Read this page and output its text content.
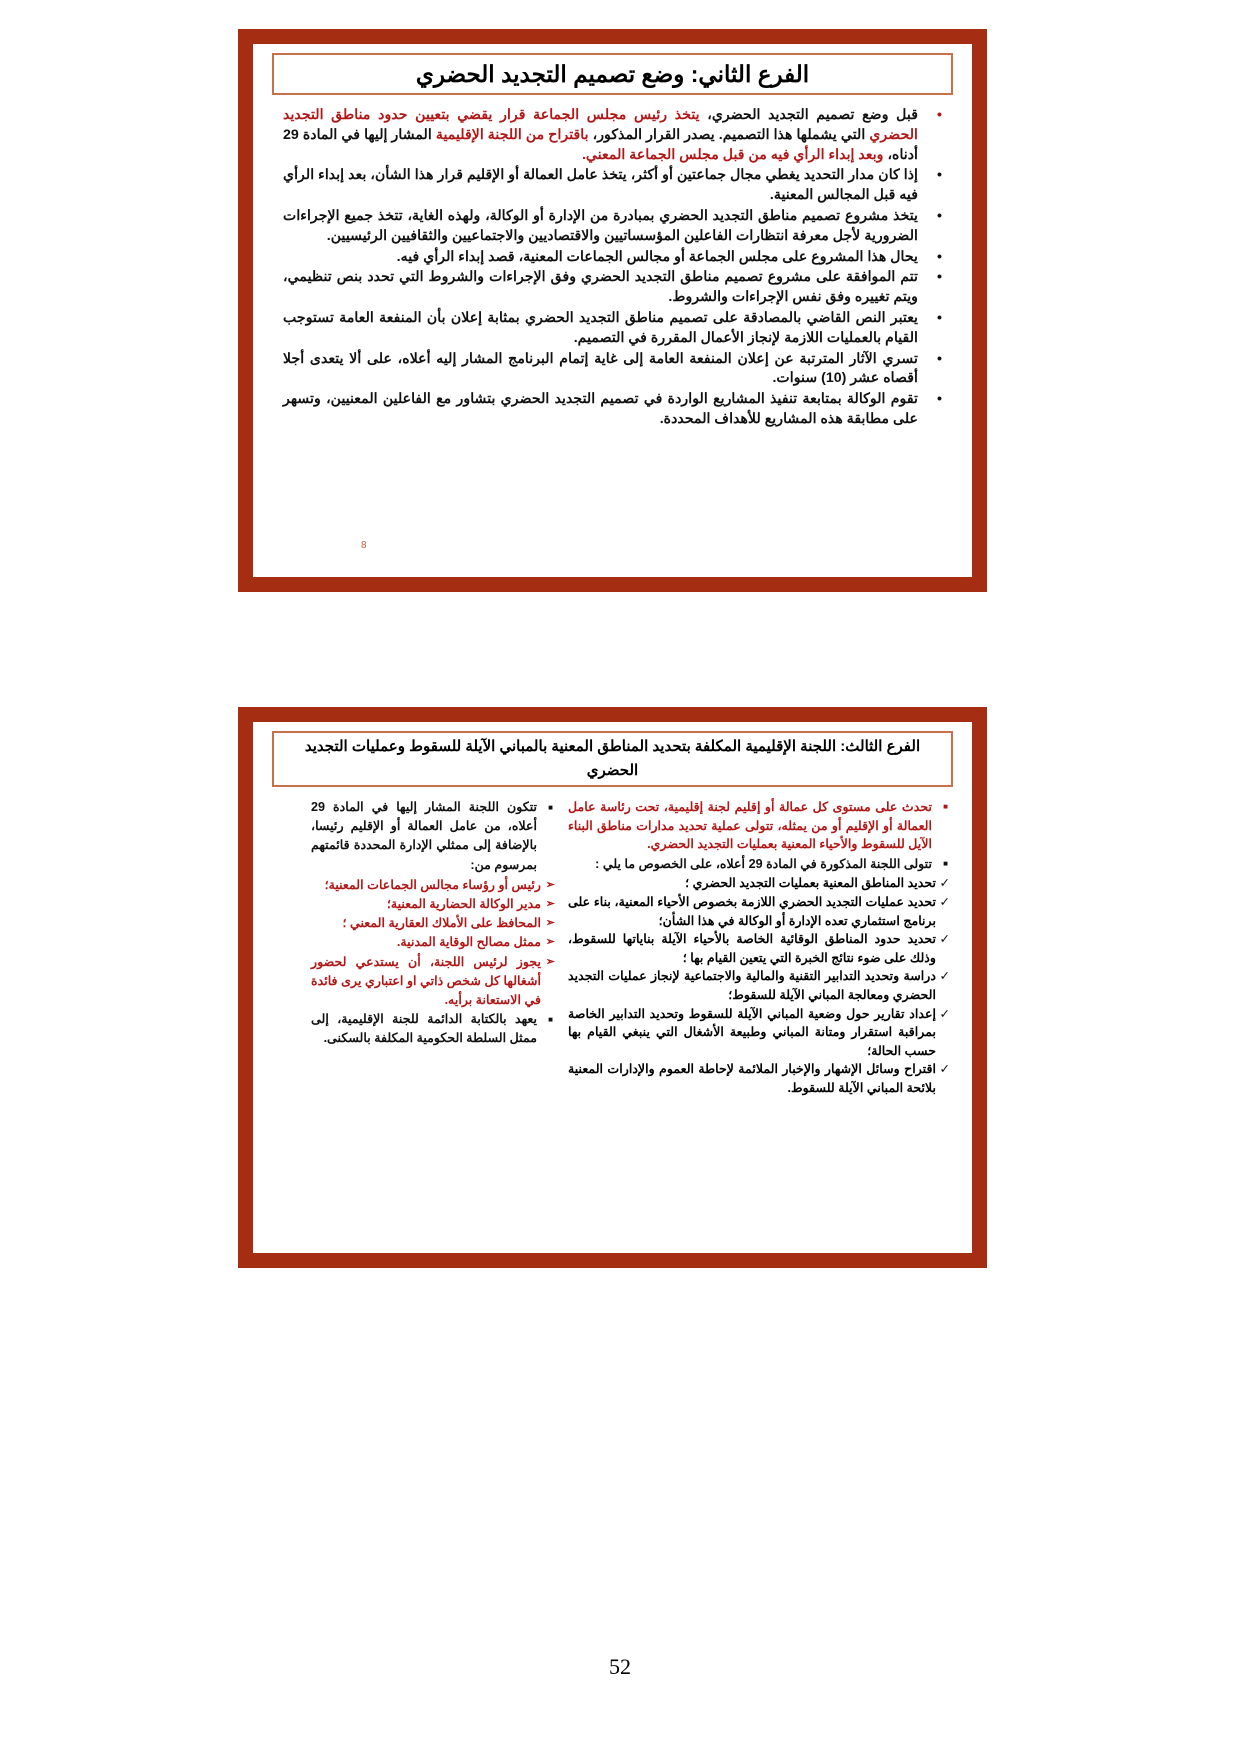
الفرع الثاني: وضع تصميم التجديد الحضري
• قبل وضع تصميم التجديد الحضري، يتخذ رئيس مجلس الجماعة قرار يقضي بتعيين حدود مناطق التجديد الحضري التي يشملها هذا التصميم. يصدر القرار المذكور، باقتراح من اللجنة الإقليمية المشار إليها في المادة 29 أدناه، وبعد إبداء الرأي فيه من قبل مجلس الجماعة المعني.
• إذا كان مدار التحديد يغطي مجال جماعتين أو أكثر، يتخذ عامل العمالة أو الإقليم قرار هذا الشأن، بعد إبداء الرأي فيه قبل المجالس المعنية.
• يتخذ مشروع تصميم مناطق التجديد الحضري بمبادرة من الإدارة أو الوكالة، ولهذه الغاية، تتخذ جميع الإجراءات الضرورية لأجل معرفة انتظارات الفاعلين المؤسساتيين والاقتصاديين والاجتماعيين والثقافيين الرئيسيين.
• يحال هذا المشروع على مجلس الجماعة أو مجالس الجماعات المعنية، قصد إبداء الرأي فيه.
• تتم الموافقة على مشروع تصميم مناطق التجديد الحضري وفق الإجراءات والشروط التي تحدد بنص تنظيمي، ويتم تغييره وفق نفس الإجراءات والشروط.
• يعتبر النص القاضي بالمصادقة على تصميم مناطق التجديد الحضري بمثابة إعلان بأن المنفعة العامة تستوجب القيام بالعمليات اللازمة لإنجاز الأعمال المقررة في التصميم.
• تسري الآثار المترتبة عن إعلان المنفعة العامة إلى غاية إتمام البرنامج المشار إليه أعلاه، على ألا يتعدى أجلا أقصاه عشر (10) سنوات.
• تقوم الوكالة بمتابعة تنفيذ المشاريع الواردة في تصميم التجديد الحضري بتشاور مع الفاعلين المعنيين، وتسهر على مطابقة هذه المشاريع للأهداف المحددة.
8
الفرع الثالث: اللجنة الإقليمية المكلفة بتحديد المناطق المعنية بالمباني الآيلة للسقوط وعمليات التجديد الحضري
■ تحدث على مستوى كل عمالة أو إقليم لجنة إقليمية، تحت رئاسة عامل العمالة أو الإقليم أو من يمثله، تتولى عملية تحديد مدارات مناطق البناء الآيل للسقوط والأحياء المعنية بعمليات التجديد الحضري.
■ تتولى اللجنة المذكورة في المادة 29 أعلاه، على الخصوص ما يلي :
✓ تحديد المناطق المعنية بعمليات التجديد الحضري ؛
✓ تحديد عمليات التجديد الحضري اللازمة بخصوص الأحياء المعنية، بناء على برنامج استثماري تعده الإدارة أو الوكالة في هذا الشأن؛
✓ تحديد حدود المناطق الوقائية الخاصة بالأحياء الآيلة بناياتها للسقوط، وذلك على ضوء نتائج الخبرة التي يتعين القيام بها ؛
✓ دراسة وتحديد التدابير التقنية والمالية والاجتماعية لإنجاز عمليات التجديد الحضري ومعالجة المباني الآيلة للسقوط؛
✓ إعداد تقارير حول وضعية المباني الآيلة للسقوط وتحديد التدابير الخاصة بمراقبة استقرار ومتانة المباني وطبيعة الأشغال التي ينبغي القيام بها حسب الحالة؛
✓ اقتراح وسائل الإشهار والإخبار الملائمة لإحاطة العموم والإدارات المعنية بلائحة المباني الآيلة للسقوط.
■ تتكون اللجنة المشار إليها في المادة 29 أعلاه، من عامل العمالة أو الإقليم رئيسا، بالإضافة إلى ممثلي الإدارة المحددة قائمتهم بمرسوم من:
➢ رئيس أو رؤساء مجالس الجماعات المعنية؛
➢ مدير الوكالة الحضارية المعنية؛
➢ المحافظ على الأملاك العقارية المعني ؛
➢ ممثل مصالح الوقاية المدنية.
➢ يجوز لرئيس اللجنة، أن يستدعي لحضور أشغالها كل شخص ذاتي او اعتباري يرى فائدة في الاستعانة برأيه.
■ يعهد بالكتابة الدائمة للجنة الإقليمية، إلى ممثل السلطة الحكومية المكلفة بالسكنى.
52
